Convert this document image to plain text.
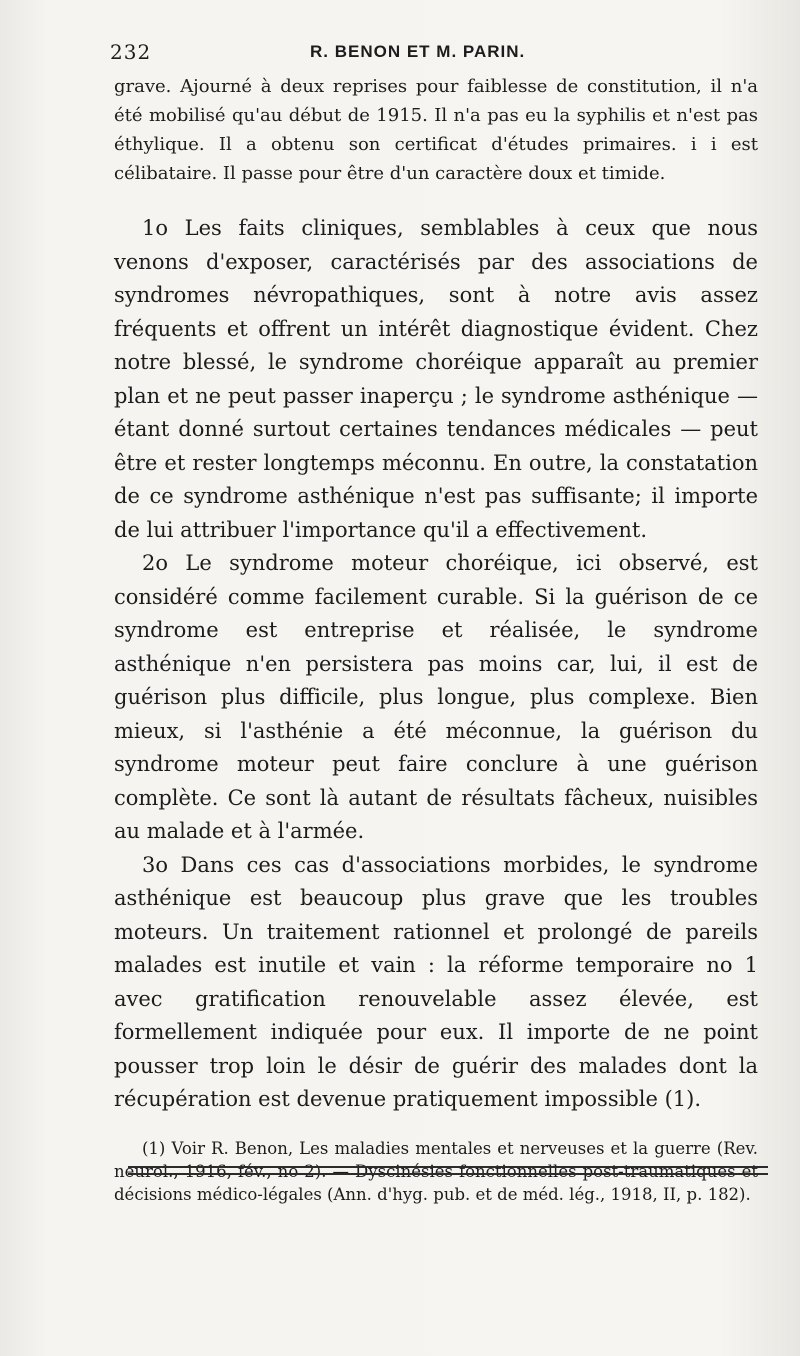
232	R. BENON ET M. PARIN.

grave. Ajourné à deux reprises pour faiblesse de constitution, il n'a été mobilisé qu'au début de 1915. Il n'a pas eu la syphilis et n'est pas éthylique. Il a obtenu son certificat d'études primaires. i i est célibataire. Il passe pour être d'un caractère doux et timide.

1o Les faits cliniques, semblables à ceux que nous venons d'exposer, caractérisés par des associations de syndromes névropathiques, sont à notre avis assez fréquents et offrent un intérêt diagnostique évident. Chez notre blessé, le syndrome choréique apparaît au premier plan et ne peut passer inaperçu ; le syndrome asthénique — étant donné surtout certaines tendances médicales — peut être et rester longtemps méconnu. En outre, la constatation de ce syndrome asthénique n'est pas suffisante; il importe de lui attribuer l'importance qu'il a effectivement.

2o Le syndrome moteur choréique, ici observé, est considéré comme facilement curable. Si la guérison de ce syndrome est entreprise et réalisée, le syndrome asthénique n'en persistera pas moins car, lui, il est de guérison plus difficile, plus longue, plus complexe. Bien mieux, si l'asthénie a été méconnue, la guérison du syndrome moteur peut faire conclure à une guérison complète. Ce sont là autant de résultats fâcheux, nuisibles au malade et à l'armée.

3o Dans ces cas d'associations morbides, le syndrome asthénique est beaucoup plus grave que les troubles moteurs. Un traitement rationnel et prolongé de pareils malades est inutile et vain : la réforme temporaire no 1 avec gratification renouvelable assez élevée, est formellement indiquée pour eux. Il importe de ne point pousser trop loin le désir de guérir des malades dont la récupération est devenue pratiquement impossible (1).

(1) Voir R. Benon, Les maladies mentales et nerveuses et la guerre (Rev. neurol., 1916, fév., no 2). — Dyscinésies fonctionnelles post-traumatiques et décisions médico-légales (Ann. d'hyg. pub. et de méd. lég., 1918, II, p. 182).
